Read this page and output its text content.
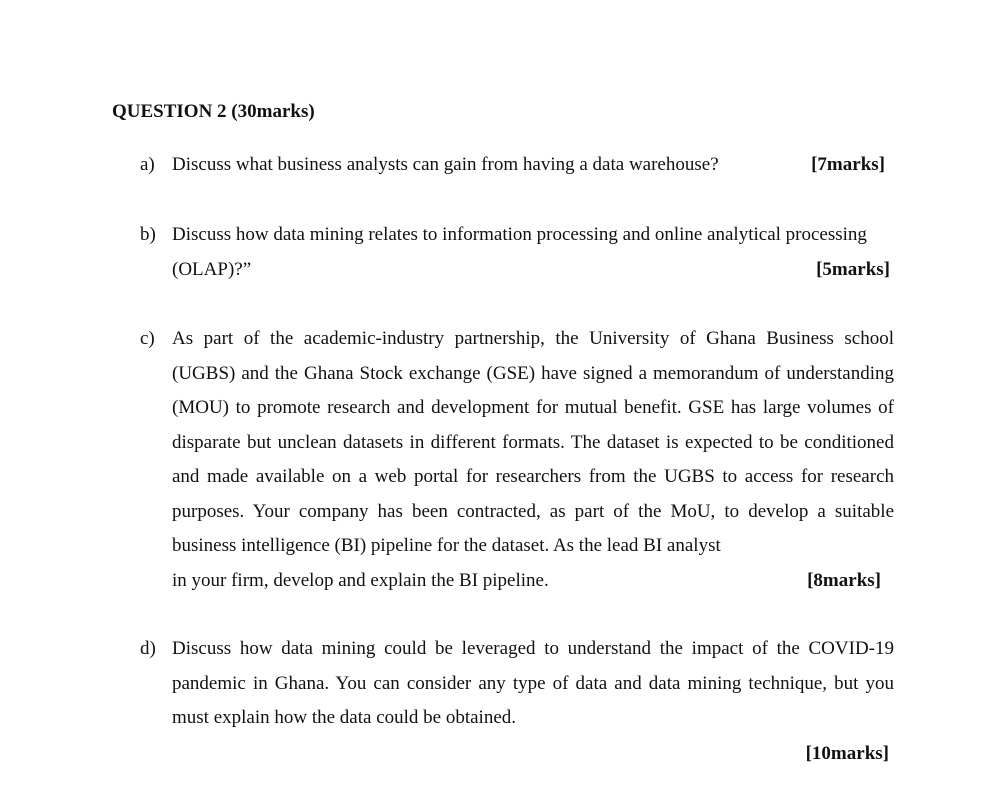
QUESTION 2 (30marks)
a) Discuss what business analysts can gain from having a data warehouse?	[7marks]
b) Discuss how data mining relates to information processing and online analytical processing

(OLAP)?”	[5marks]
c) As part of the academic-industry partnership, the University of Ghana Business school (UGBS) and the Ghana Stock exchange (GSE) have signed a memorandum of understanding (MOU) to promote research and development for mutual benefit. GSE has large volumes of disparate but unclean datasets in different formats. The dataset is expected to be conditioned and made available on a web portal for researchers from the UGBS to access for research purposes. Your company has been contracted, as part of the MoU, to develop a suitable business intelligence (BI) pipeline for the dataset. As the lead BI analyst

in your firm, develop and explain the BI pipeline.	[8marks]
d) Discuss how data mining could be leveraged to understand the impact of the COVID-19 pandemic in Ghana. You can consider any type of data and data mining technique, but you must explain how the data could be obtained.

[10marks]
